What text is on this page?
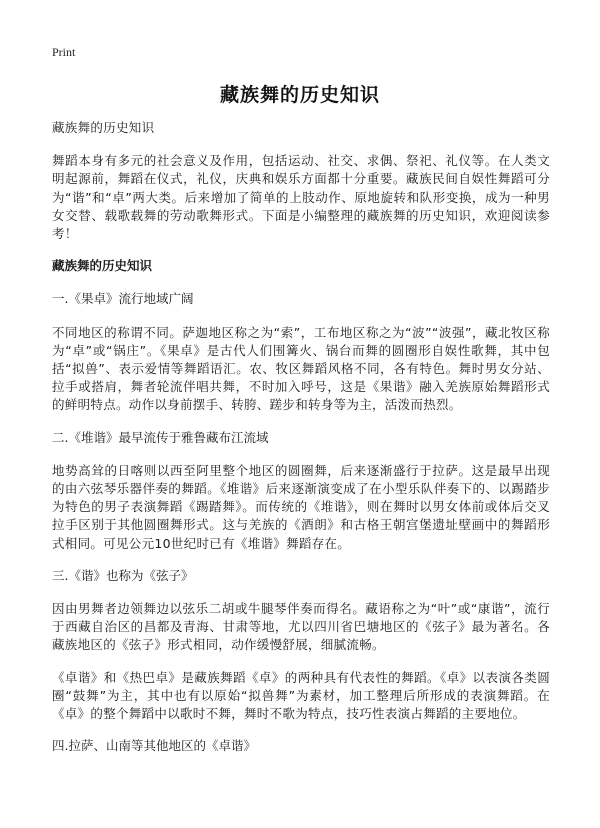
Print
藏族舞的历史知识

藏族舞的历史知识

舞蹈本身有多元的社会意义及作用，包括运动、社交、求偶、祭祀、礼仪等。在人类文明起源前，舞蹈在仪式，礼仪，庆典和娱乐方面都十分重要。藏族民间自娱性舞蹈可分为“谐”和“卓”两大类。后来增加了简单的上肢动作、原地旋转和队形变换，成为一种男女交替、载歌载舞的劳动歌舞形式。下面是小编整理的藏族舞的历史知识，欢迎阅读参考！

藏族舞的历史知识
一.《果卓》流行地域广阔

不同地区的称谓不同。萨迦地区称之为“索”，工布地区称之为“波”“波强”，藏北牧区称为“卓”或“锅庄”。《果卓》是古代人们围篝火、锅台而舞的圆圈形自娱性歌舞，其中包括“拟兽”、表示爱情等舞蹈语汇。农、牧区舞蹈风格不同，各有特色。舞时男女分站、拉手或搭肩，舞者轮流伴唱共舞，不时加入呼号，这是《果谐》融入羌族原始舞蹈形式的鲜明特点。动作以身前摆手、转胯、蹉步和转身等为主，活泼而热烈。

二.《堆谐》最早流传于雅鲁藏布江流域

地势高耸的日喀则以西至阿里整个地区的圆圈舞，后来逐渐盛行于拉萨。这是最早出现的由六弦琴乐器伴奏的舞蹈。《堆谐》后来逐渐演变成了在小型乐队伴奏下的、以踢踏步为特色的男子表演舞蹈《踢踏舞》。而传统的《堆谐》，则在舞时以男女体前或体后交叉拉手区别于其他圆圈舞形式。这与羌族的《酒朗》和古格王朝宫堡遗址壁画中的舞蹈形式相同。可见公元10世纪时已有《堆谐》舞蹈存在。

三.《谐》也称为《弦子》

因由男舞者边领舞边以弦乐二胡或牛腿琴伴奏而得名。藏语称之为“叶”或“康谐”，流行于西藏自治区的昌都及青海、甘肃等地，尤以四川省巴塘地区的《弦子》最为著名。各藏族地区的《弦子》形式相同，动作缓慢舒展，细腻流畅。

《卓谐》和《热巴卓》是藏族舞蹈《卓》的两种具有代表性的舞蹈。《卓》以表演各类圆圈“鼓舞”为主，其中也有以原始“拟兽舞”为素材，加工整理后所形成的表演舞蹈。在《卓》的整个舞蹈中以歌时不舞，舞时不歌为特点，技巧性表演占舞蹈的主要地位。

四.拉萨、山南等其他地区的《卓谐》
